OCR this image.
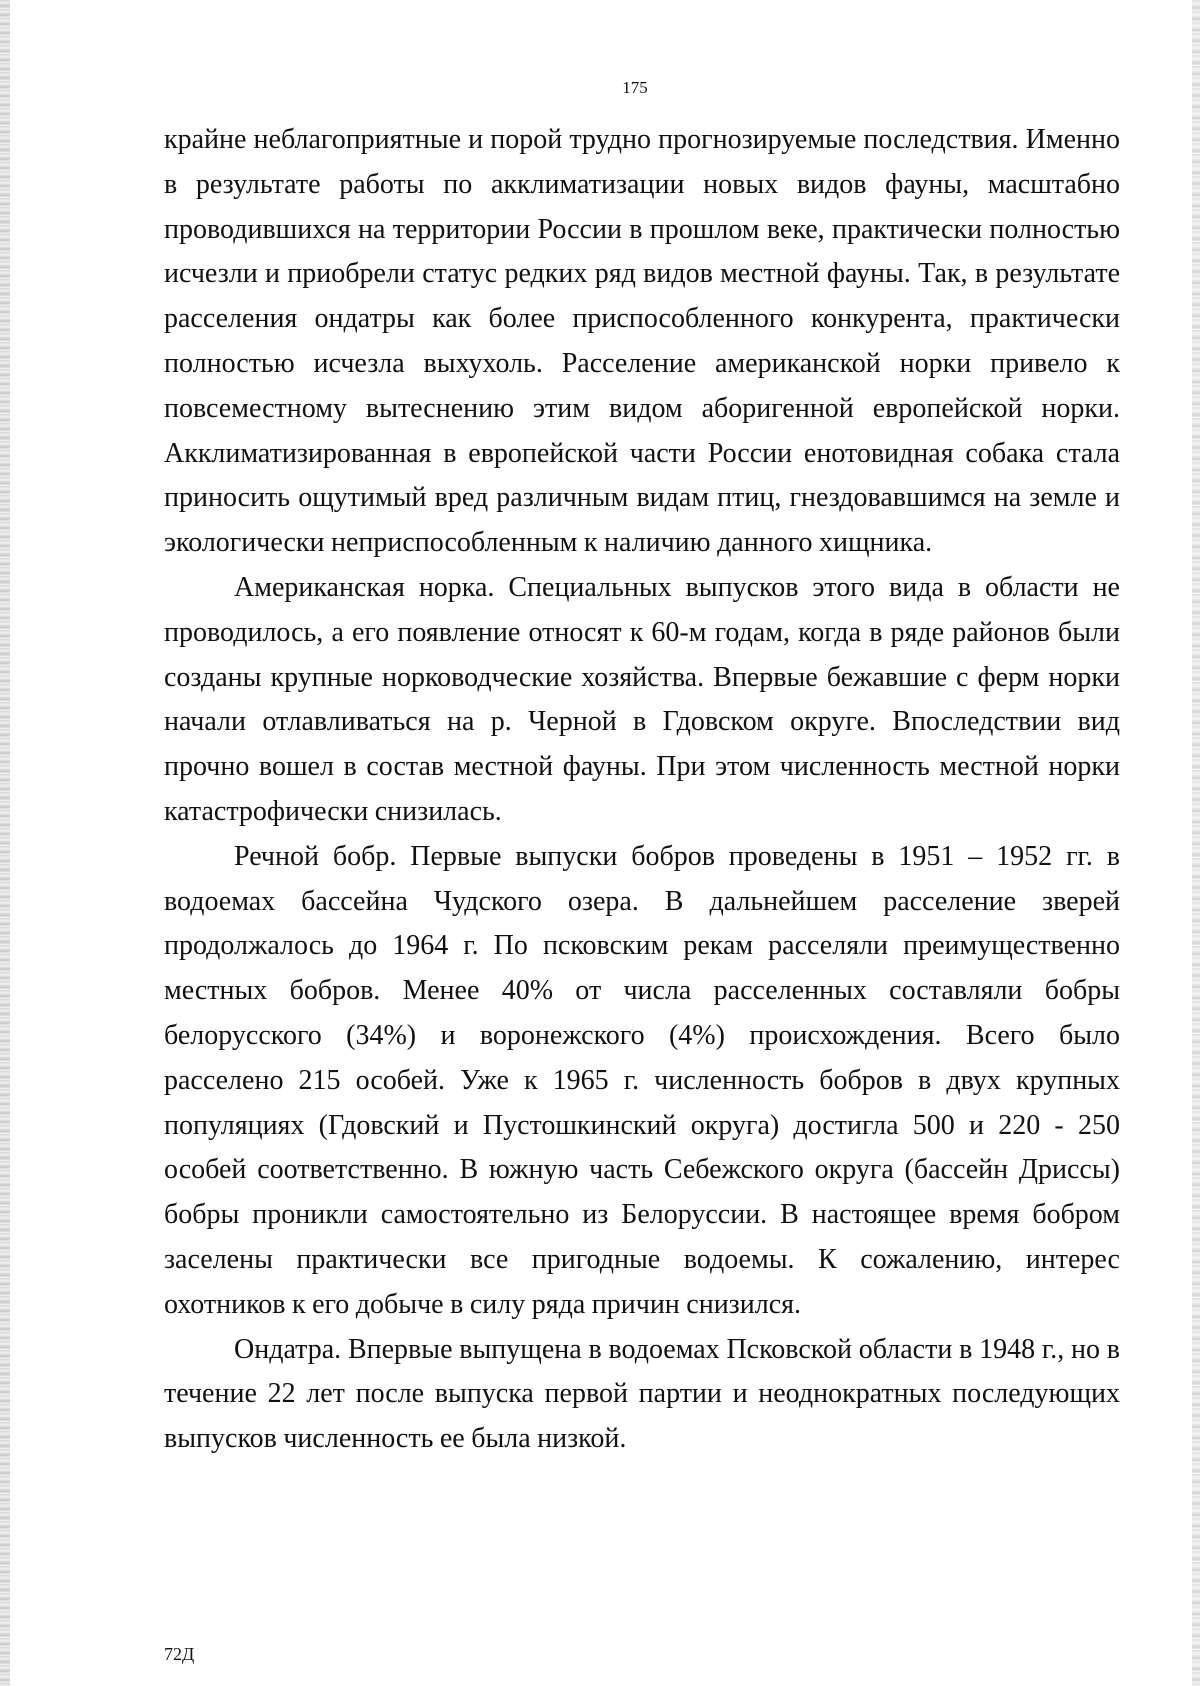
175

крайне неблагоприятные и порой трудно прогнозируемые последствия. Именно в результате работы по акклиматизации новых видов фауны, масштабно проводившихся на территории России в прошлом веке, практически полностью исчезли и приобрели статус редких ряд видов местной фауны. Так, в результате расселения ондатры как более приспособленного конкурента, практически полностью исчезла выхухоль. Расселение американской норки привело к повсеместному вытеснению этим видом аборигенной европейской норки. Акклиматизированная в европейской части России енотовидная собака стала приносить ощутимый вред различным видам птиц, гнездовавшимся на земле и экологически неприспособленным к наличию данного хищника.

Американская норка. Специальных выпусков этого вида в области не проводилось, а его появление относят к 60-м годам, когда в ряде районов были созданы крупные норководческие хозяйства. Впервые бежавшие с ферм норки начали отлавливаться на р. Черной в Гдовском округе. Впоследствии вид прочно вошел в состав местной фауны. При этом численность местной норки катастрофически снизилась.

Речной бобр. Первые выпуски бобров проведены в 1951 – 1952 гг. в водоемах бассейна Чудского озера. В дальнейшем расселение зверей продолжалось до 1964 г. По псковским рекам расселяли преимущественно местных бобров. Менее 40% от числа расселенных составляли бобры белорусского (34%) и воронежского (4%) происхождения. Всего было расселено 215 особей. Уже к 1965 г. численность бобров в двух крупных популяциях (Гдовский и Пустошкинский округа) достигла 500 и 220 - 250 особей соответственно. В южную часть Себежского округа (бассейн Дриссы) бобры проникли самостоятельно из Белоруссии. В настоящее время бобром заселены практически все пригодные водоемы. К сожалению, интерес охотников к его добыче в силу ряда причин снизился.

Ондатра. Впервые выпущена в водоемах Псковской области в 1948 г., но в течение 22 лет после выпуска первой партии и неоднократных последующих выпусков численность ее была низкой.

72Д
